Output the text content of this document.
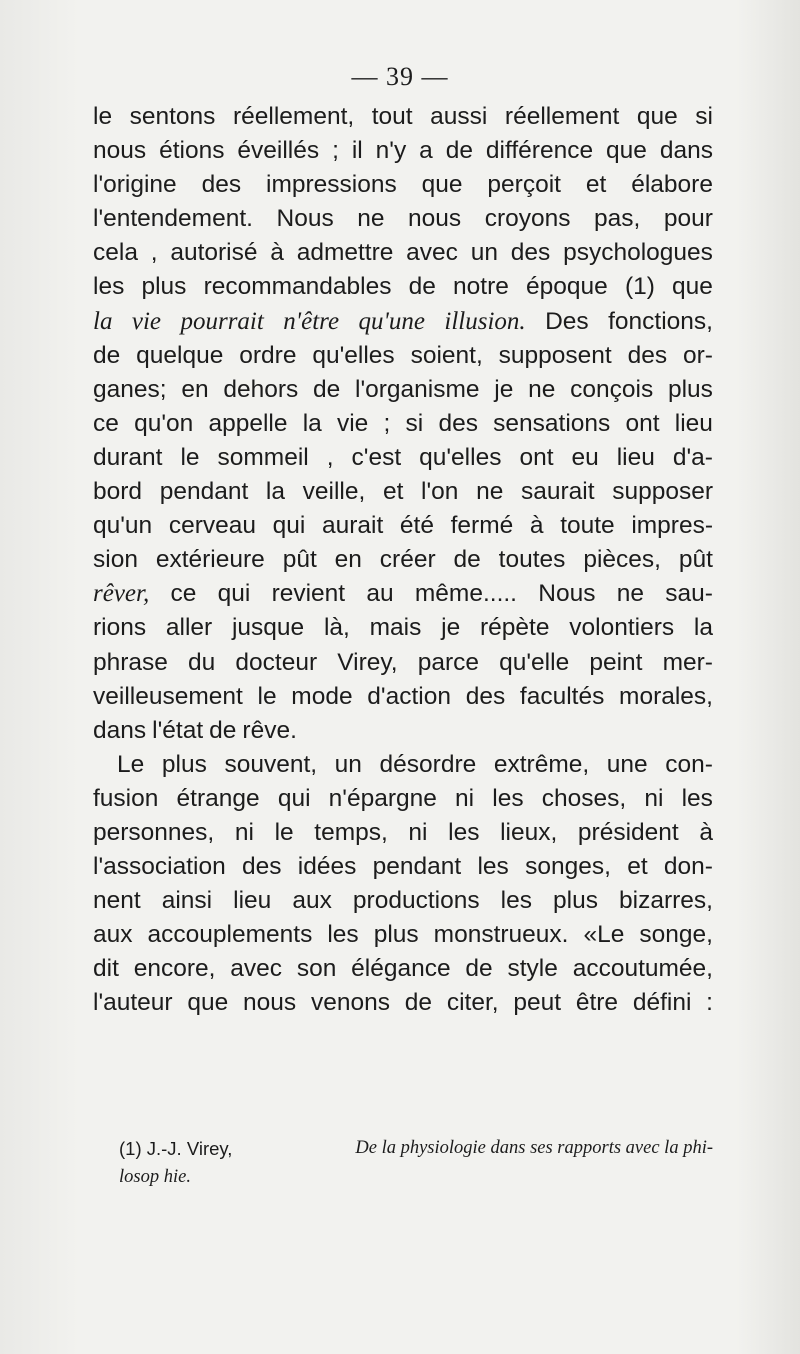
— 39 —
le sentons réellement, tout aussi réellement que si
nous étions éveillés ; il n'y a de différence que dans
l'origine des impressions que perçoit et élabore
l'entendement. Nous ne nous croyons pas, pour
cela , autorisé à admettre avec un des psychologues
les plus recommandables de notre époque (1) que
la vie pourrait n'être qu'une illusion. Des fonctions,
de quelque ordre qu'elles soient, supposent des or-
ganes; en dehors de l'organisme je ne conçois plus
ce qu'on appelle la vie ; si des sensations ont lieu
durant le sommeil , c'est qu'elles ont eu lieu d'a-
bord pendant la veille, et l'on ne saurait supposer
qu'un cerveau qui aurait été fermé à toute impres-
sion extérieure pût en créer de toutes pièces, pût
rêver, ce qui revient au même..... Nous ne sau-
rions aller jusque là, mais je répète volontiers la
phrase du docteur Virey, parce qu'elle peint mer-
veilleusement le mode d'action des facultés morales,
dans l'état de rêve.
Le plus souvent, un désordre extrême, une con-
fusion étrange qui n'épargne ni les choses, ni les
personnes, ni le temps, ni les lieux, président à
l'association des idées pendant les songes, et don-
nent ainsi lieu aux productions les plus bizarres,
aux accouplements les plus monstrueux. «Le songe,
dit encore, avec son élégance de style accoutumée,
l'auteur que nous venons de citer, peut être défini :
(1) J.-J. Virey,	De la physiologie dans ses rapports avec la phi-
losop hie.
